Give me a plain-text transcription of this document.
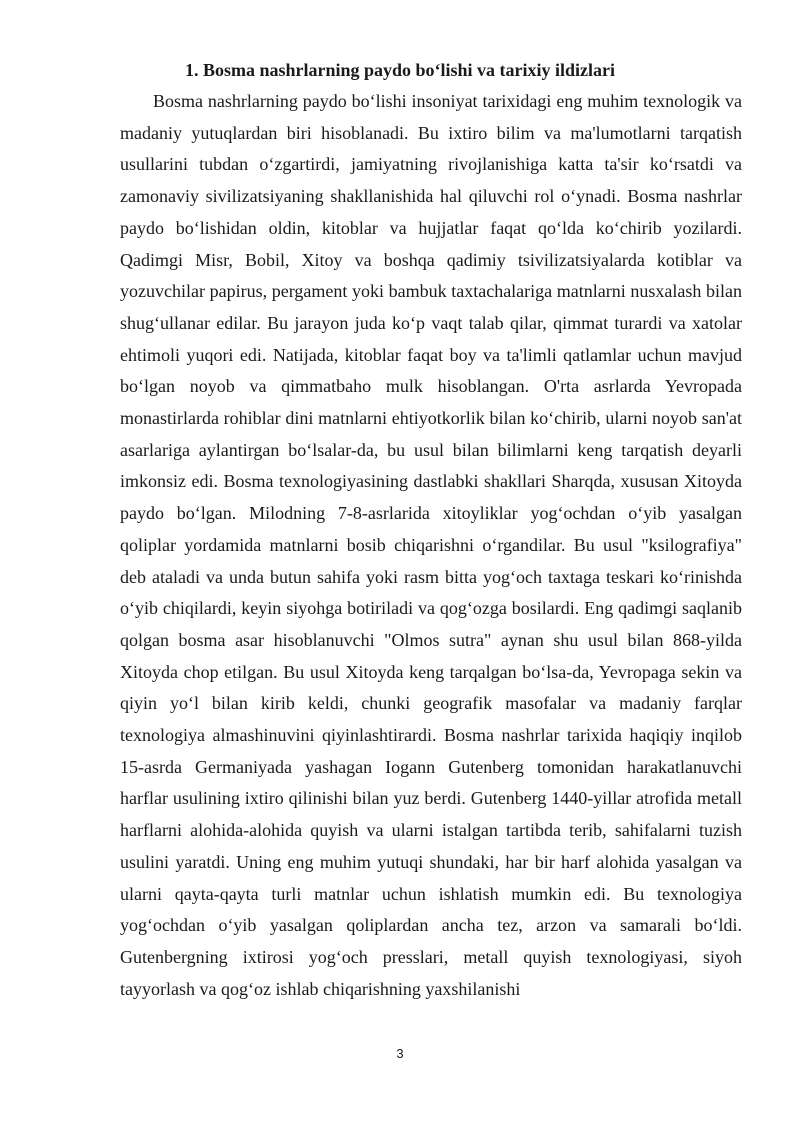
1. Bosma nashrlarning paydo bo‘lishi va tarixiy ildizlari

Bosma nashrlarning paydo bo‘lishi insoniyat tarixidagi eng muhim texnologik va madaniy yutuqlardan biri hisoblanadi. Bu ixtiro bilim va ma'lumotlarni tarqatish usullarini tubdan o‘zgartirdi, jamiyatning rivojlanishiga katta ta'sir ko‘rsatdi va zamonaviy sivilizatsiyaning shakllanishida hal qiluvchi rol o‘ynadi. Bosma nashrlar paydo bo‘lishidan oldin, kitoblar va hujjatlar faqat qo‘lda ko‘chirib yozilardi. Qadimgi Misr, Bobil, Xitoy va boshqa qadimiy tsivilizatsiyalarda kotiblar va yozuvchilar papirus, pergament yoki bambuk taxtachalariga matnlarni nusxalash bilan shug‘ullanar edilar. Bu jarayon juda ko‘p vaqt talab qilar, qimmat turardi va xatolar ehtimoli yuqori edi. Natijada, kitoblar faqat boy va ta'limli qatlamlar uchun mavjud bo‘lgan noyob va qimmatbaho mulk hisoblangan. O'rta asrlarda Yevropada monastirlarda rohiblar dini matnlarni ehtiyotkorlik bilan ko‘chirib, ularni noyob san'at asarlariga aylantirgan bo‘lsalar-da, bu usul bilan bilimlarni keng tarqatish deyarli imkonsiz edi. Bosma texnologiyasining dastlabki shakllari Sharqda, xususan Xitoyda paydo bo‘lgan. Milodning 7-8-asrlarida xitoyliklar yog‘ochdan o‘yib yasalgan qoliplar yordamida matnlarni bosib chiqarishni o‘rgandilar. Bu usul "ksilografiya" deb ataladi va unda butun sahifa yoki rasm bitta yog‘och taxtaga teskari ko‘rinishda o‘yib chiqilardi, keyin siyohga botiriladi va qog‘ozga bosilardi. Eng qadimgi saqlanib qolgan bosma asar hisoblanuvchi "Olmos sutra" aynan shu usul bilan 868-yilda Xitoyda chop etilgan. Bu usul Xitoyda keng tarqalgan bo‘lsa-da, Yevropaga sekin va qiyin yo‘l bilan kirib keldi, chunki geografik masofalar va madaniy farqlar texnologiya almashinuvini qiyinlashtirardi. Bosma nashrlar tarixida haqiqiy inqilob 15-asrda Germaniyada yashagan Iogann Gutenberg tomonidan harakatlanuvchi harflar usulining ixtiro qilinishi bilan yuz berdi. Gutenberg 1440-yillar atrofida metall harflarni alohida-alohida quyish va ularni istalgan tartibda terib, sahifalarni tuzish usulini yaratdi. Uning eng muhim yutuqi shundaki, har bir harf alohida yasalgan va ularni qayta-qayta turli matnlar uchun ishlatish mumkin edi. Bu texnologiya yog‘ochdan o‘yib yasalgan qoliplardan ancha tez, arzon va samarali bo‘ldi. Gutenbergning ixtirosi yog‘och presslari, metall quyish texnologiyasi, siyoh tayyorlash va qog‘oz ishlab chiqarishning yaxshilanishi

3
